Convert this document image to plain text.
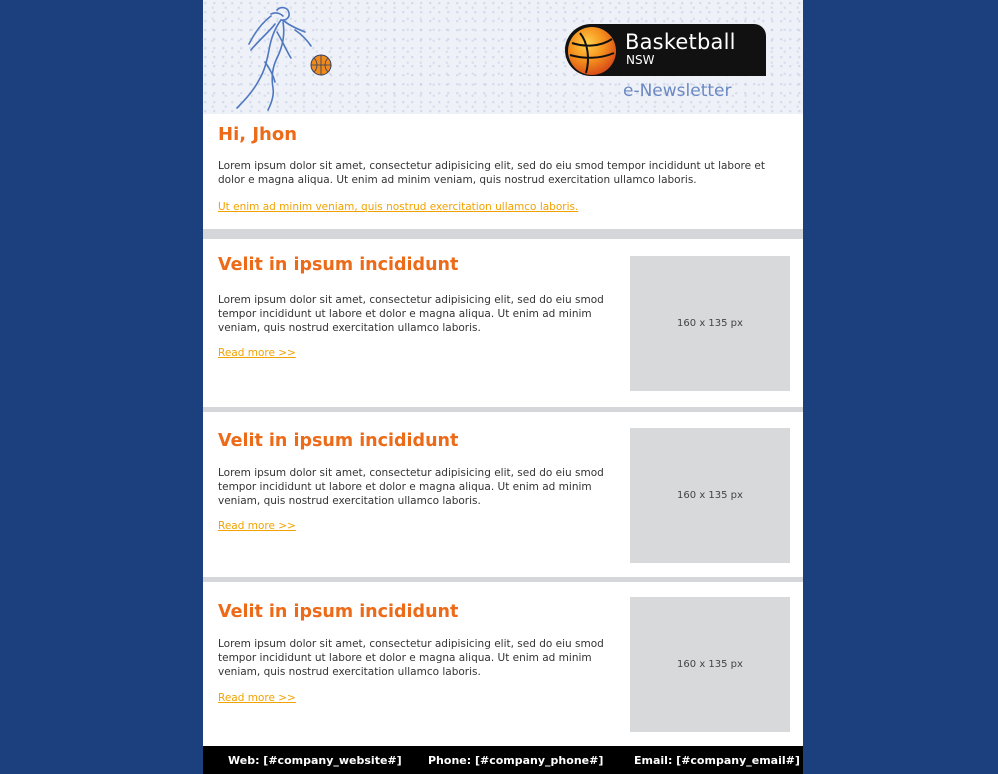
Basketball
NSW
e-Newsletter
Hi, Jhon
Lorem ipsum dolor sit amet, consectetur adipisicing elit, sed do eiu smod tempor incididunt ut labore et dolor e magna aliqua. Ut enim ad minim veniam, quis nostrud exercitation ullamco laboris.
Ut enim ad minim veniam, quis nostrud exercitation ullamco laboris.
Velit in ipsum incididunt
Lorem ipsum dolor sit amet, consectetur adipisicing elit, sed do eiu smod tempor incididunt ut labore et dolor e magna aliqua. Ut enim ad minim veniam, quis nostrud exercitation ullamco laboris.
Read more >>
160 x 135 px
Velit in ipsum incididunt
Lorem ipsum dolor sit amet, consectetur adipisicing elit, sed do eiu smod tempor incididunt ut labore et dolor e magna aliqua. Ut enim ad minim veniam, quis nostrud exercitation ullamco laboris.
Read more >>
160 x 135 px
Velit in ipsum incididunt
Lorem ipsum dolor sit amet, consectetur adipisicing elit, sed do eiu smod tempor incididunt ut labore et dolor e magna aliqua. Ut enim ad minim veniam, quis nostrud exercitation ullamco laboris.
Read more >>
160 x 135 px
Web: [#company_website#] Phone: [#company_phone#]	Email: [#company_email#]
